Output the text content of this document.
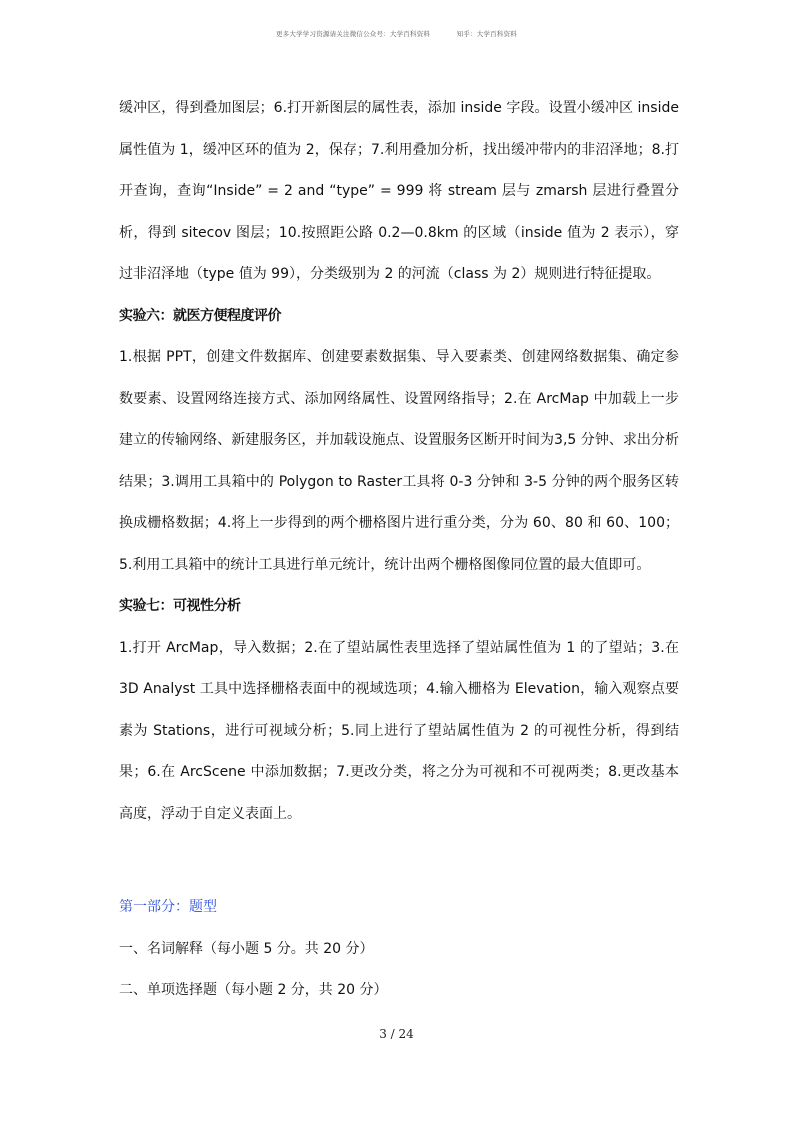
更多大学学习资源请关注微信公众号：大学百科资料	知乎：大学百科资料

缓冲区，得到叠加图层；6.打开新图层的属性表，添加 inside 字段。设置小缓冲区 inside 属性值为 1，缓冲区环的值为 2，保存；7.利用叠加分析，找出缓冲带内的非沼泽地；8.打开查询，查询“Inside” = 2 and “type” = 999 将 stream 层与 zmarsh 层进行叠置分析，得到 sitecov 图层；10.按照距公路 0.2—0.8km 的区域（inside 值为 2 表示），穿过非沼泽地（type 值为 99），分类级别为 2 的河流（class 为 2）规则进行特征提取。

实验六：就医方便程度评价

1.根据 PPT，创建文件数据库、创建要素数据集、导入要素类、创建网络数据集、确定参数要素、设置网络连接方式、添加网络属性、设置网络指导；2.在 ArcMap 中加载上一步建立的传输网络、新建服务区，并加载设施点、设置服务区断开时间为3,5 分钟、求出分析结果；3.调用工具箱中的 Polygon to Raster工具将 0-3 分钟和 3-5 分钟的两个服务区转换成栅格数据；4.将上一步得到的两个栅格图片进行重分类，分为 60、80 和 60、100；5.利用工具箱中的统计工具进行单元统计，统计出两个栅格图像同位置的最大值即可。

实验七：可视性分析

1.打开 ArcMap，导入数据；2.在了望站属性表里选择了望站属性值为 1 的了望站；3.在 3D Analyst 工具中选择栅格表面中的视域选项；4.输入栅格为 Elevation，输入观察点要素为 Stations，进行可视域分析；5.同上进行了望站属性值为 2 的可视性分析，得到结果；6.在 ArcScene 中添加数据；7.更改分类，将之分为可视和不可视两类；8.更改基本高度，浮动于自定义表面上。

第一部分：题型

一、名词解释（每小题 5 分。共 20 分）

二、单项选择题（每小题 2 分，共 20 分）

3 / 24
